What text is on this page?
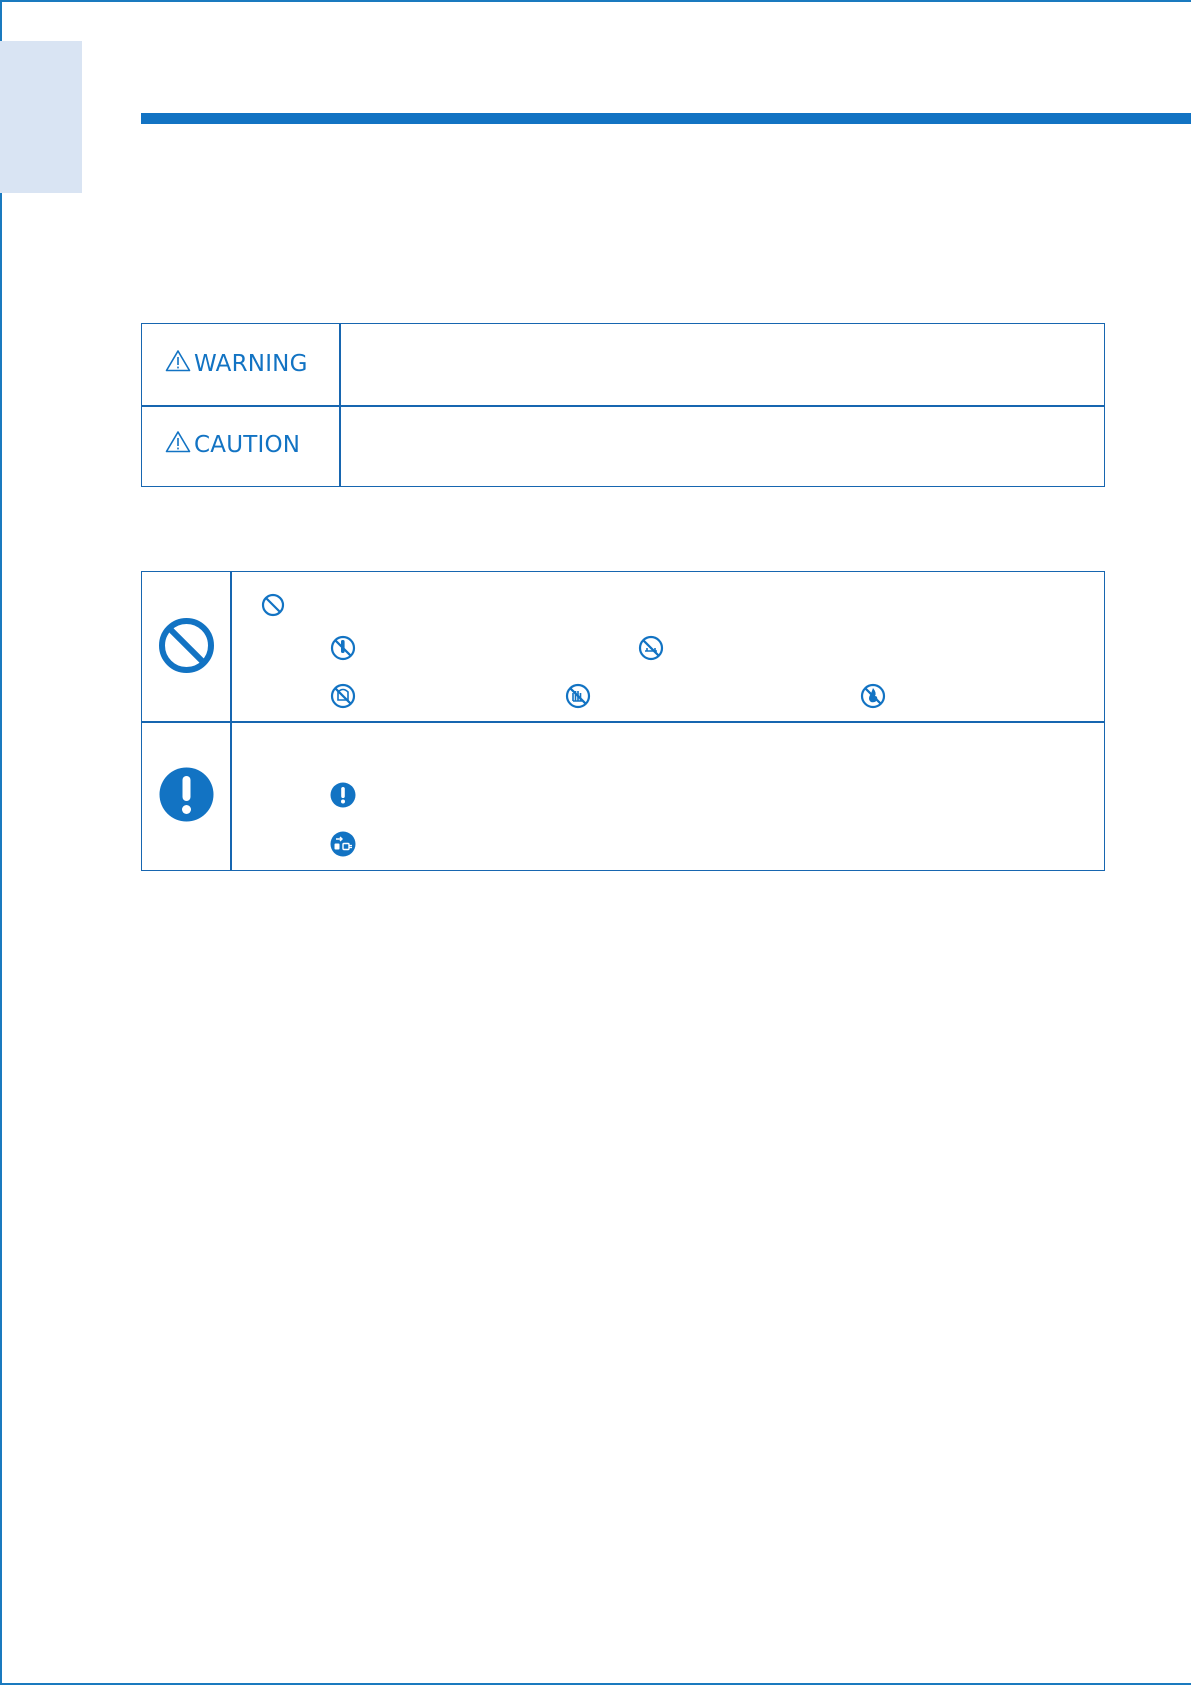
WARNING
CAUTION
